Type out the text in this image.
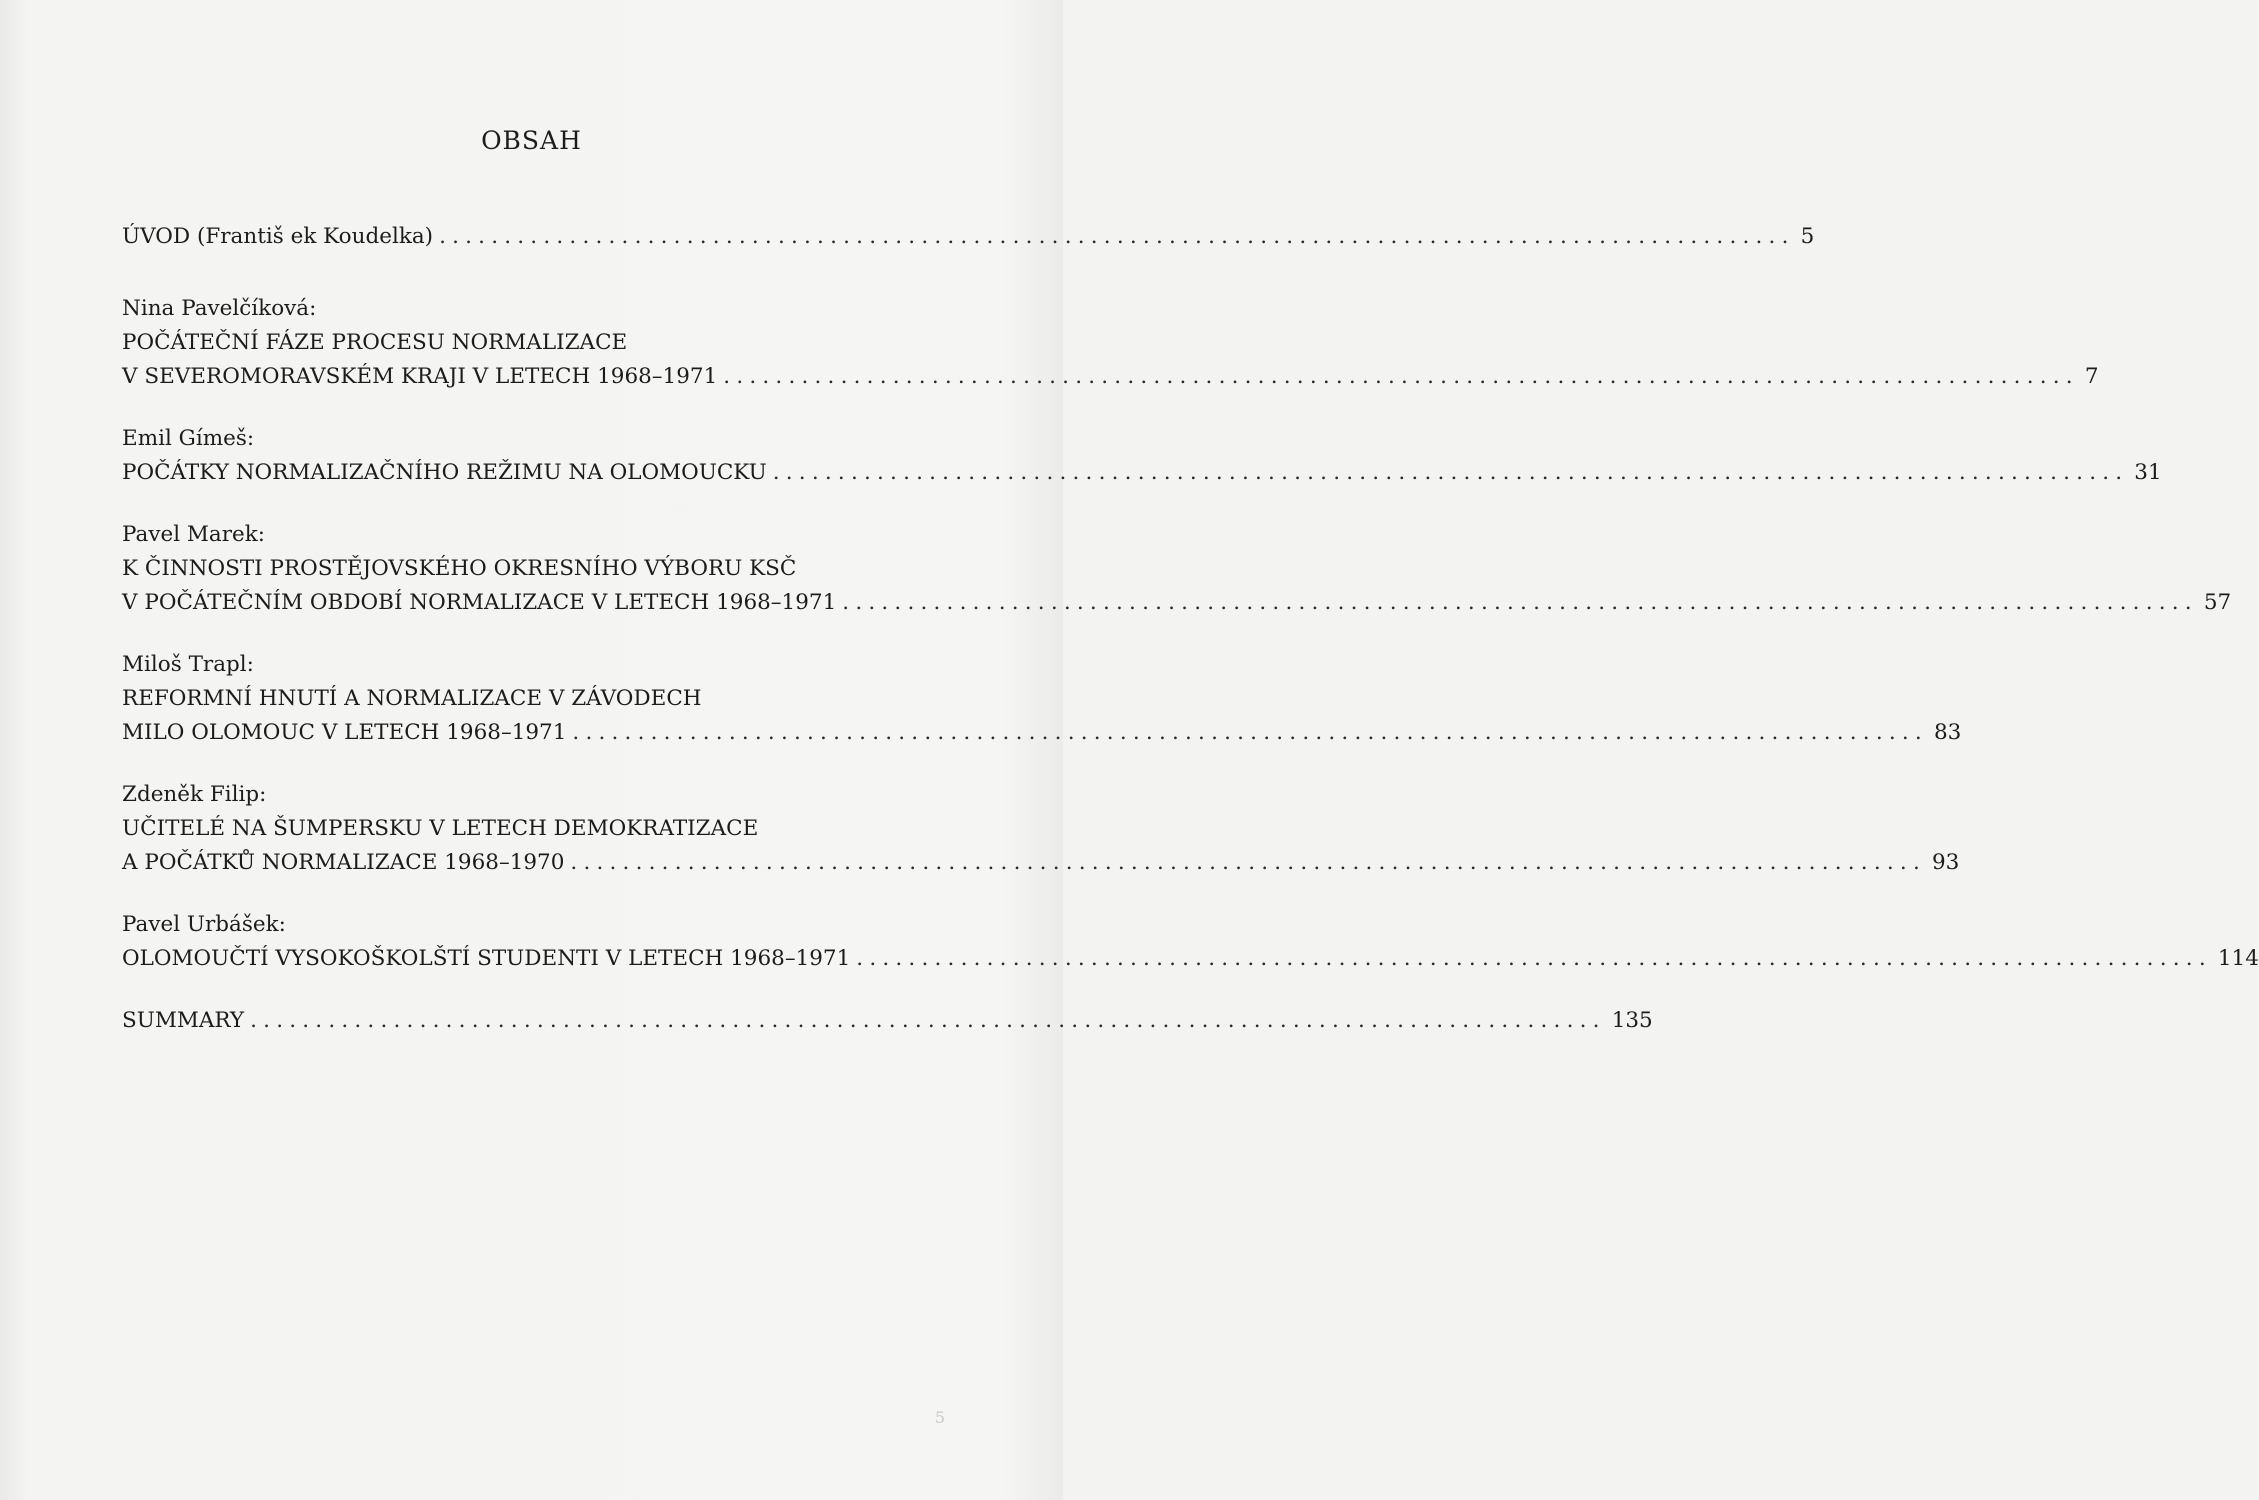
OBSAH
ÚVOD (Františ ek Koudelka) ........................................................................................................ 5
Nina Pavelčíková:
POČÁTEČNÍ FÁZE PROCESU NORMALIZACE
V SEVEROMORAVSKÉM KRAJI V LETECH 1968–1971 ........................................................................................................ 7
Emil Gímeš:
POČÁTKY NORMALIZAČNÍHO REŽIMU NA OLOMOUCKU ........................................................................................................ 31
Pavel Marek:
K ČINNOSTI PROSTĚJOVSKÉHO OKRESNÍHO VÝBORU KSČ
V POČÁTEČNÍM OBDOBÍ NORMALIZACE V LETECH 1968–1971 ........................................................................................................ 57
Miloš Trapl:
REFORMNÍ HNUTÍ A NORMALIZACE V ZÁVODECH
MILO OLOMOUC V LETECH 1968–1971 ........................................................................................................ 83
Zdeněk Filip:
UČITELÉ NA ŠUMPERSKU V LETECH DEMOKRATIZACE
A POČÁTKŮ NORMALIZACE 1968–1970 ........................................................................................................ 93
Pavel Urbášek:
OLOMOUČTÍ VYSOKOŠKOLŠTÍ STUDENTI V LETECH 1968–1971 ........................................................................................................ 114
SUMMARY ........................................................................................................ 135
5
